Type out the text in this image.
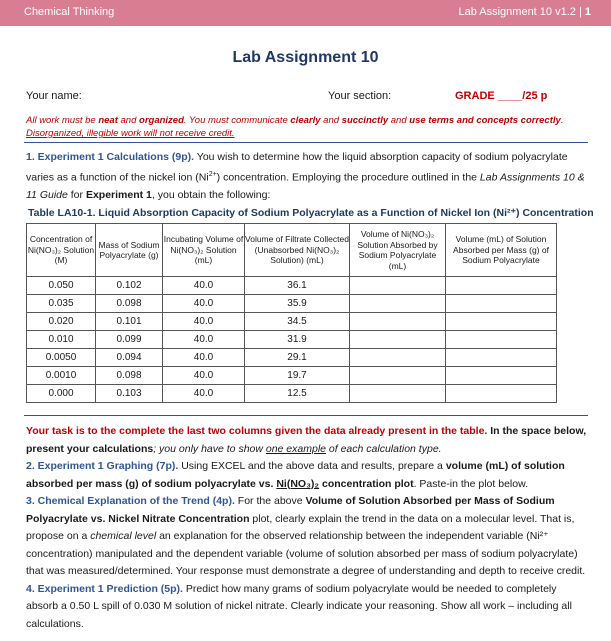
Chemical Thinking	Lab Assignment 10 v1.2 | 1
Lab Assignment 10
Your name:	Your section:	GRADE ____/25 p
All work must be neat and organized. You must communicate clearly and succinctly and use terms and concepts correctly. Disorganized, illegible work will not receive credit.
1. Experiment 1 Calculations (9p). You wish to determine how the liquid absorption capacity of sodium polyacrylate varies as a function of the nickel ion $(Ni^{2+})$ concentration. Employing the procedure outlined in the Lab Assignments 10 & 11 Guide for Experiment 1, you obtain the following:
Table LA10-1. Liquid Absorption Capacity of Sodium Polyacrylate as a Function of Nickel Ion (Ni²⁺) Concentration
Concentration of Ni(NO₃)₂ Solution (M)	Mass of Sodium Polyacrylate (g)	Incubating Volume of Ni(NO₃)₂ Solution (mL)	Volume of Filtrate Collected (Unabsorbed Ni(NO₃)₂ Solution) (mL)	Volume of Ni(NO₃)₂ Solution Absorbed by Sodium Polyacrylate (mL)	Volume (mL) of Solution Absorbed per Mass (g) of Sodium Polyacrylate
0.050	0.102	40.0	36.1		
0.035	0.098	40.0	35.9		
0.020	0.101	40.0	34.5		
0.010	0.099	40.0	31.9		
0.0050	0.094	40.0	29.1		
0.0010	0.098	40.0	19.7		
0.000	0.103	40.0	12.5		

Your task is to the complete the last two columns given the data already present in the table. In the space below, present your calculations; you only have to show one example of each calculation type.

2. Experiment 1 Graphing (7p). Using EXCEL and the above data and results, prepare a volume (mL) of solution absorbed per mass (g) of sodium polyacrylate vs. Ni(NO₃)₂ concentration plot. Paste-in the plot below.

3. Chemical Explanation of the Trend (4p). For the above Volume of Solution Absorbed per Mass of Sodium Polyacrylate vs. Nickel Nitrate Concentration plot, clearly explain the trend in the data on a molecular level. That is, propose on a chemical level an explanation for the observed relationship between the independent variable (Ni²⁺ concentration) manipulated and the dependent variable (volume of solution absorbed per mass of sodium polyacrylate) that was measured/determined. Your response must demonstrate a degree of understanding and depth to receive credit.

4. Experiment 1 Prediction (5p). Predict how many grams of sodium polyacrylate would be needed to completely absorb a 0.50 L spill of 0.030 M solution of nickel nitrate. Clearly indicate your reasoning. Show all work – including all calculations.
